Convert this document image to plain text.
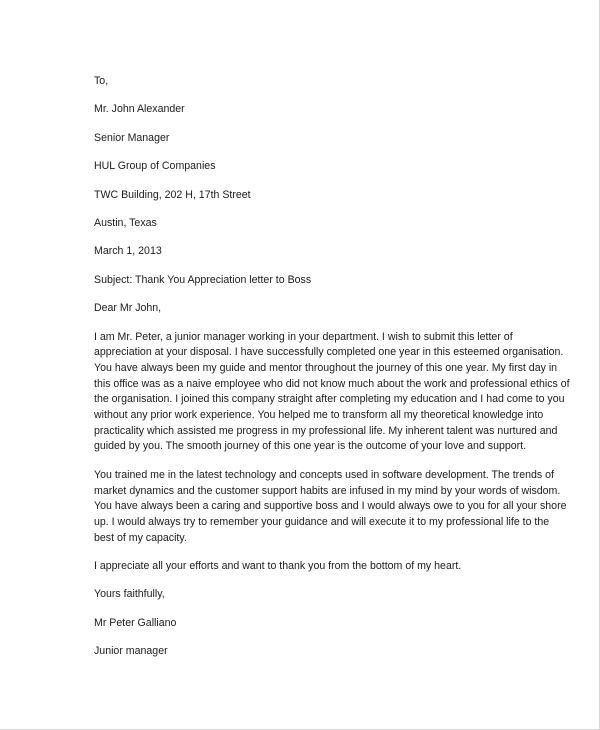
To,

Mr. John Alexander

Senior Manager

HUL Group of Companies

TWC Building, 202 H, 17th Street

Austin, Texas

March 1, 2013

Subject: Thank You Appreciation letter to Boss

Dear Mr John,

I am Mr. Peter, a junior manager working in your department. I wish to submit this letter of
appreciation at your disposal. I have successfully completed one year in this esteemed organisation.
You have always been my guide and mentor throughout the journey of this one year. My first day in
this office was as a naive employee who did not know much about the work and professional ethics of
the organisation. I joined this company straight after completing my education and I had come to you
without any prior work experience. You helped me to transform all my theoretical knowledge into
practicality which assisted me progress in my professional life. My inherent talent was nurtured and
guided by you. The smooth journey of this one year is the outcome of your love and support.
You trained me in the latest technology and concepts used in software development. The trends of
market dynamics and the customer support habits are infused in my mind by your words of wisdom.
You have always been a caring and supportive boss and I would always owe to you for all your shore
up. I would always try to remember your guidance and will execute it to my professional life to the
best of my capacity.

I appreciate all your efforts and want to thank you from the bottom of my heart.

Yours faithfully,

Mr Peter Galliano

Junior manager
